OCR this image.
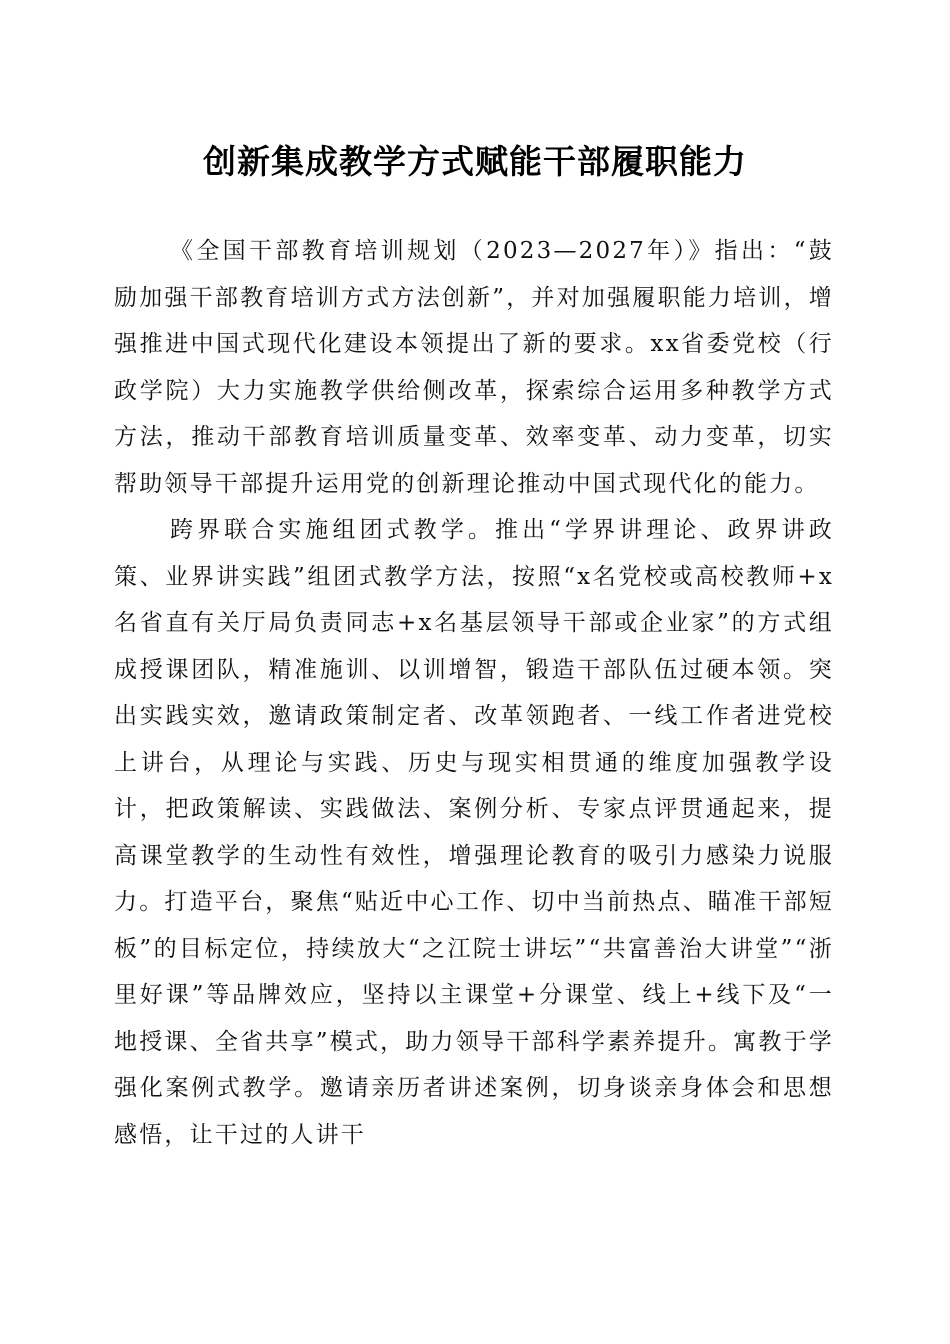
创新集成教学方式赋能干部履职能力

《全国干部教育培训规划（2023—2027年）》指出：“鼓励加强干部教育培训方式方法创新”，并对加强履职能力培训，增强推进中国式现代化建设本领提出了新的要求。xx省委党校（行政学院）大力实施教学供给侧改革，探索综合运用多种教学方式方法，推动干部教育培训质量变革、效率变革、动力变革，切实帮助领导干部提升运用党的创新理论推动中国式现代化的能力。

跨界联合实施组团式教学。推出“学界讲理论、政界讲政策、业界讲实践”组团式教学方法，按照“x名党校或高校教师+x名省直有关厅局负责同志+x名基层领导干部或企业家”的方式组成授课团队，精准施训、以训增智，锻造干部队伍过硬本领。突出实践实效，邀请政策制定者、改革领跑者、一线工作者进党校上讲台，从理论与实践、历史与现实相贯通的维度加强教学设计，把政策解读、实践做法、案例分析、专家点评贯通起来，提高课堂教学的生动性有效性，增强理论教育的吸引力感染力说服力。打造平台，聚焦“贴近中心工作、切中当前热点、瞄准干部短板”的目标定位，持续放大“之江院士讲坛”“共富善治大讲堂”“浙里好课”等品牌效应，坚持以主课堂+分课堂、线上+线下及“一地授课、全省共享”模式，助力领导干部科学素养提升。寓教于学强化案例式教学。邀请亲历者讲述案例，切身谈亲身体会和思想感悟，让干过的人讲干
